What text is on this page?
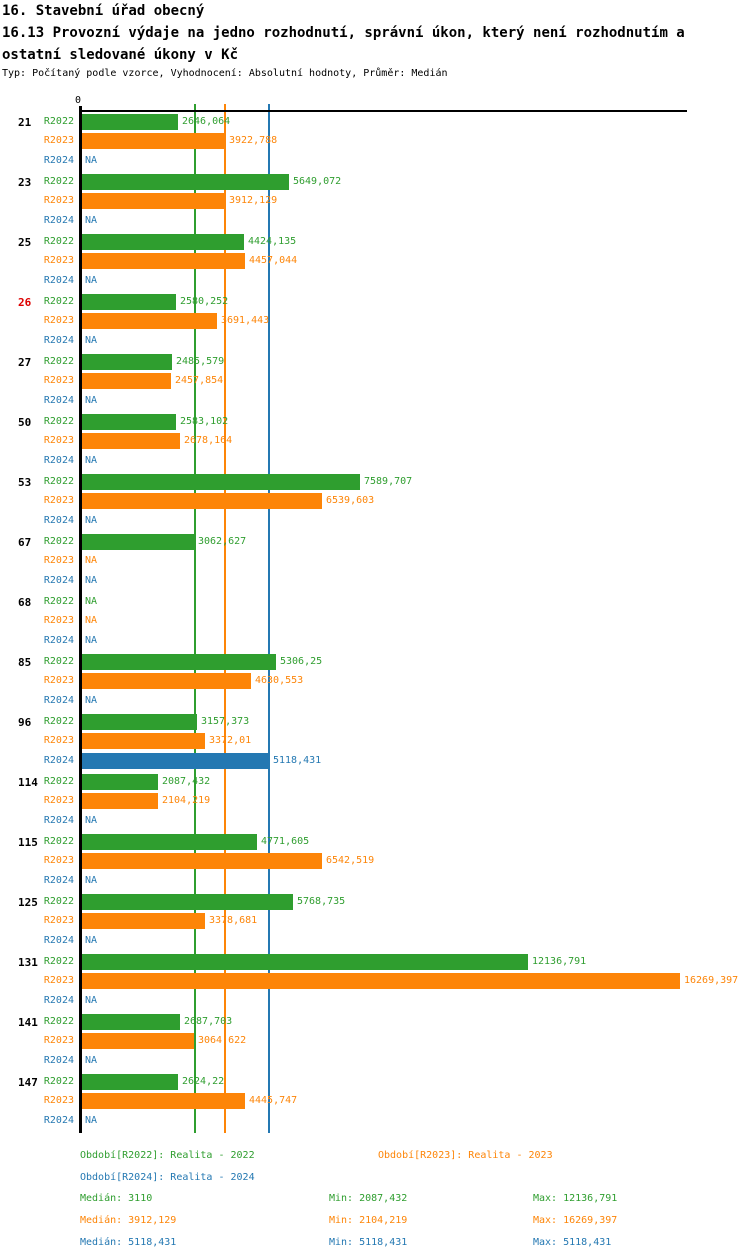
16. Stavební úřad obecný
16.13 Provozní výdaje na jedno rozhodnutí, správní úkon, který není rozhodnutím a
ostatní sledované úkony v Kč
Typ: Počítaný podle vzorce, Vyhodnocení: Absolutní hodnoty, Průměr: Medián
0
21	R2022	2646,064
R2023	3922,788
R2024 NA
23	R2022	5649,072
R2023	3912,129
R2024 NA
25	R2022	4424,135
R2023	4457,044
R2024 NA
26	R2022	2580,252
R2023	3691,443
R2024 NA
27	R2022	2485,579
R2023	2457,854
R2024 NA
50	R2022	2583,102
R2023	2678,164
R2024 NA
53	R2022	7589,707
R2023	6539,603
R2024 NA
67	R2022	3062,627
R2023 NA
R2024 NA
68	R2022 NA
R2023 NA
R2024 NA
85	R2022	5306,25
R2023	4630,553
R2024 NA
96	R2022	3157,373
R2023	3372,01
R2024	5118,431
114 R2022	2087,432
R2023	2104,219
R2024 NA
115 R2022	4771,605
R2023	6542,519
R2024 NA
125 R2022	5768,735
R2023	3378,681
R2024 NA
131 R2022	12136,791
R2023	16269,397
R2024 NA
141 R2022	2687,703
R2023	3064,622
R2024 NA
147 R2022	2624,22
R2023	4445,747
R2024 NA
Období[R2022]: Realita - 2022	Období[R2023]: Realita - 2023
Období[R2024]: Realita - 2024
Medián: 3110	Min: 2087,432	Max: 12136,791
Medián: 3912,129	Min: 2104,219	Max: 16269,397
Medián: 5118,431	Min: 5118,431	Max: 5118,431
